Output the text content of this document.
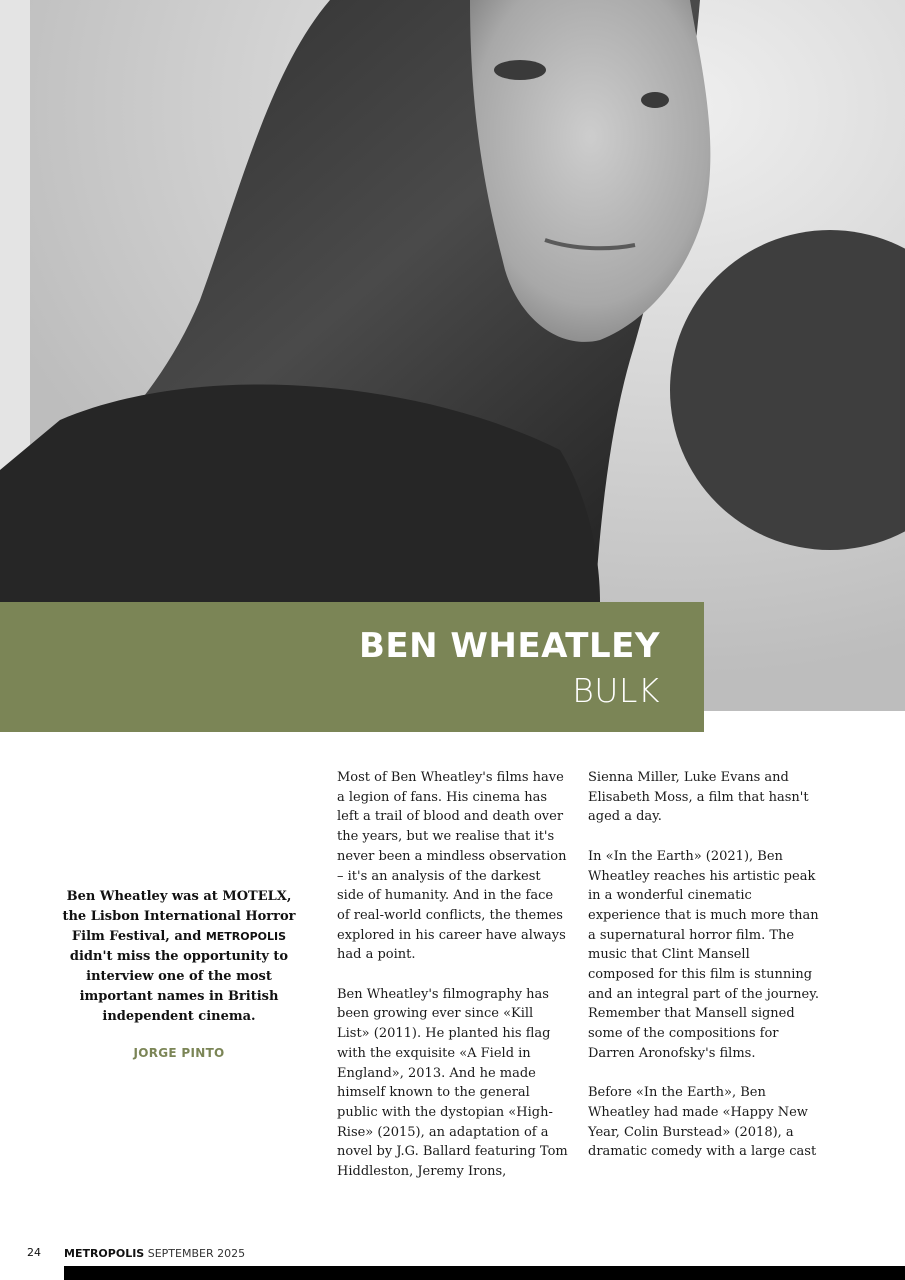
BEN WHEATLEY
BULK

Ben Wheatley was at MOTELX, the Lisbon International Horror Film Festival, and METROPOLIS didn't miss the opportunity to interview one of the most important names in British independent cinema.

JORGE PINTO

Most of Ben Wheatley's films have a legion of fans. His cinema has left a trail of blood and death over the years, but we realise that it's never been a mindless observation – it's an analysis of the darkest side of humanity. And in the face of real-world conflicts, the themes explored in his career have always had a point.

Ben Wheatley's filmography has been growing ever since «Kill List» (2011). He planted his flag with the exquisite «A Field in England», 2013. And he made himself known to the general public with the dystopian «High-Rise» (2015), an adaptation of a novel by J.G. Ballard featuring Tom Hiddleston, Jeremy Irons,

Sienna Miller, Luke Evans and Elisabeth Moss, a film that hasn't aged a day.

In «In the Earth» (2021), Ben Wheatley reaches his artistic peak in a wonderful cinematic experience that is much more than a supernatural horror film. The music that Clint Mansell composed for this film is stunning and an integral part of the journey. Remember that Mansell signed some of the compositions for Darren Aronofsky's films.

Before «In the Earth», Ben Wheatley had made «Happy New Year, Colin Burstead» (2018), a dramatic comedy with a large cast

24 METROPOLIS SEPTEMBER 2025
